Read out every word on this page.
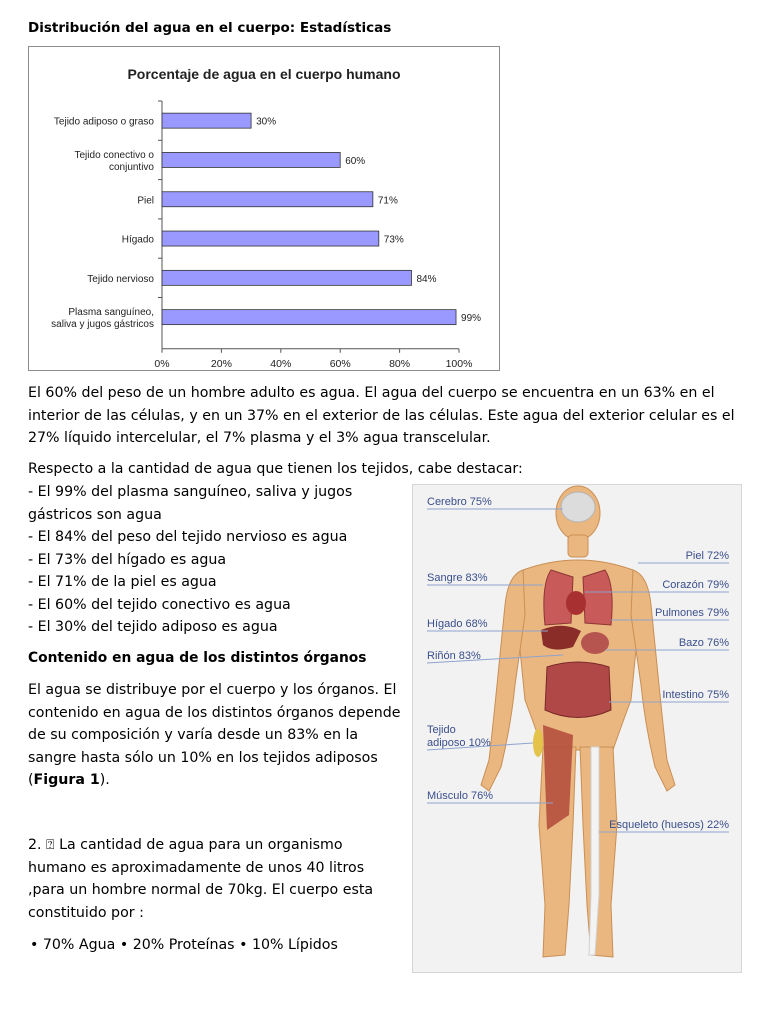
Distribución del agua en el cuerpo: Estadísticas
Porcentaje de agua en el cuerpo humano
30%
Tejido adiposo o graso
60%
Tejido conectivo o
conjuntivo
71%
Piel
73%
Hígado
84%
Tejido nervioso
99%
Plasma sanguíneo,
saliva y jugos gástricos
0%	20%	40%	60%	80%	100%
El 60% del peso de un hombre adulto es agua. El agua del cuerpo se encuentra en un 63% en el interior de las células, y en un 37% en el exterior de las células. Este agua del exterior celular es el 27% líquido intercelular, el 7% plasma y el 3% agua transcelular.
Respecto a la cantidad de agua que tienen los tejidos, cabe destacar:
- El 99% del plasma sanguíneo, saliva y jugos gástricos son agua
- El 84% del peso del tejido nervioso es agua
- El 73% del hígado es agua
- El 71% de la piel es agua
- El 60% del tejido conectivo es agua
- El 30% del tejido adiposo es agua
Contenido en agua de los distintos órganos
El agua se distribuye por el cuerpo y los órganos. El contenido en agua de los distintos órganos depende de su composición y varía desde un 83% en la sangre hasta sólo un 10% en los tejidos adiposos (Figura 1).
2. ⍰ La cantidad de agua para un organismo humano es aproximadamente de unos 40 litros ,para un hombre normal de 70kg. El cuerpo esta constituido por :
• 70% Agua • 20% Proteínas • 10% Lípidos
Cerebro 75%
Piel 72%
Sangre 83%
Corazón 79%
Pulmones 79%
Hígado 68%
Bazo 76%
Riñón 83%
Intestino 75%
Tejido
adiposo 10%
Músculo 76%
Esqueleto (huesos) 22%
